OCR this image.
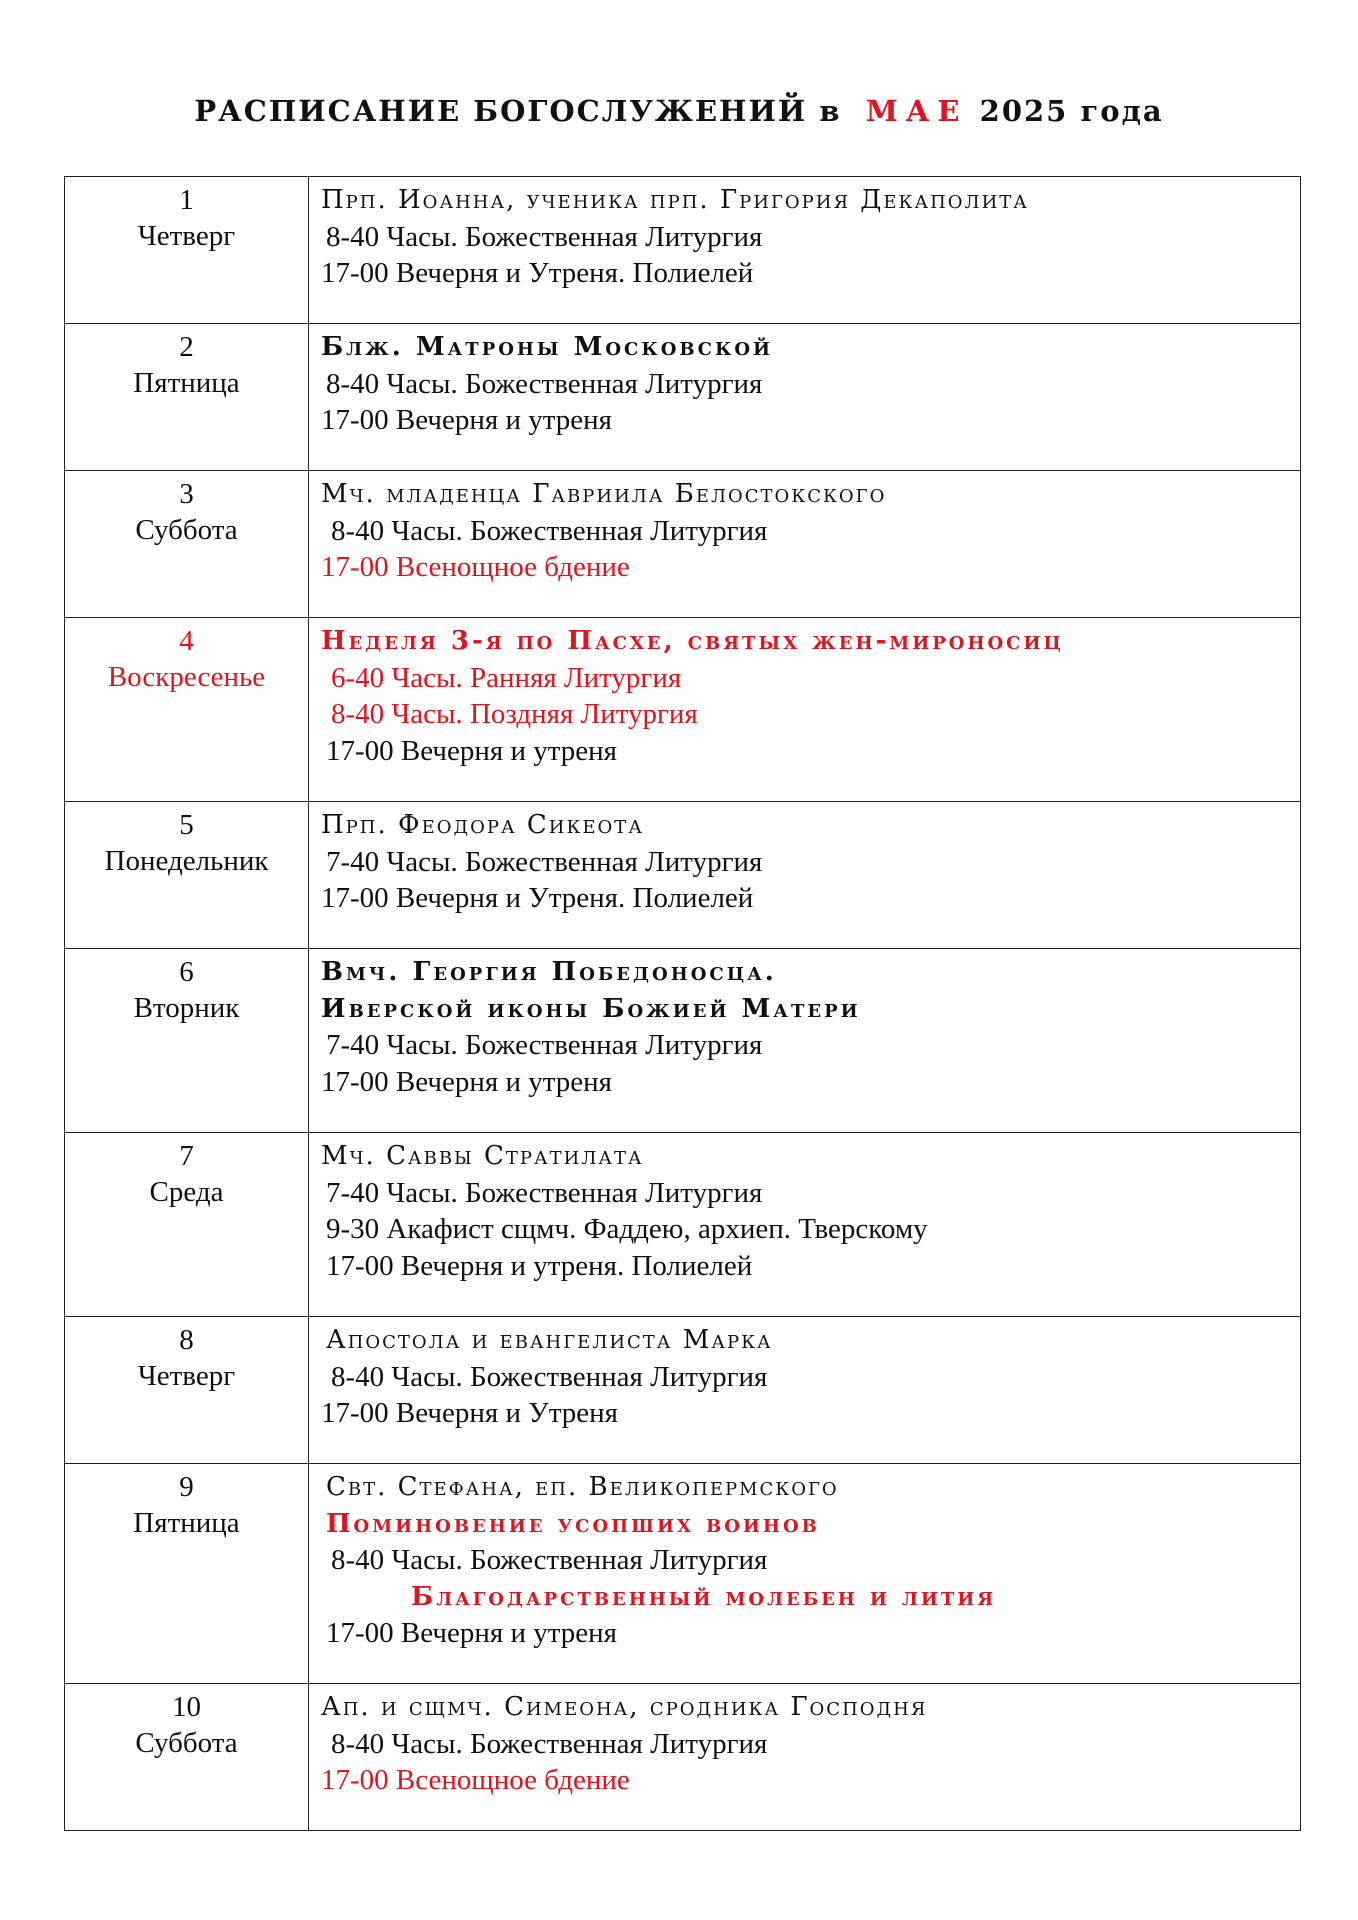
РАСПИСАНИЕ БОГОСЛУЖЕНИЙ в МАЕ 2025 года
1
Четверг	Прп. Иоанна, ученика прп. Григория Декаполита
8-40 Часы. Божественная Литургия
17-00 Вечерня и Утреня. Полиелей

2
Пятница	Блж. Матроны Московской
8-40 Часы. Божественная Литургия
17-00 Вечерня и утреня

3
Суббота	Мч. младенца Гавриила Белостокского
8-40 Часы. Божественная Литургия
17-00 Всенощное бдение

4
Воскресенье	Неделя 3-я по Пасхе, святых жен-мироносиц
6-40 Часы. Ранняя Литургия
8-40 Часы. Поздняя Литургия
17-00 Вечерня и утреня

5
Понедельник	Прп. Феодора Сикеота
7-40 Часы. Божественная Литургия
17-00 Вечерня и Утреня. Полиелей

6
Вторник	Вмч. Георгия Победоносца.
Иверской иконы Божией Матери
7-40 Часы. Божественная Литургия
17-00 Вечерня и утреня

7
Среда	Мч. Саввы Стратилата
7-40 Часы. Божественная Литургия
9-30 Акафист сщмч. Фаддею, архиеп. Тверскому
17-00 Вечерня и утреня. Полиелей

8
Четверг	Апостола и евангелиста Марка
8-40 Часы. Божественная Литургия
17-00 Вечерня и Утреня

9
Пятница	Свт. Стефана, еп. Великопермского
Поминовение усопших воинов
8-40 Часы. Божественная Литургия
Благодарственный молебен и лития
17-00 Вечерня и утреня

10
Суббота	Ап. и сщмч. Симеона, сродника Господня
8-40 Часы. Божественная Литургия
17-00 Всенощное бдение
